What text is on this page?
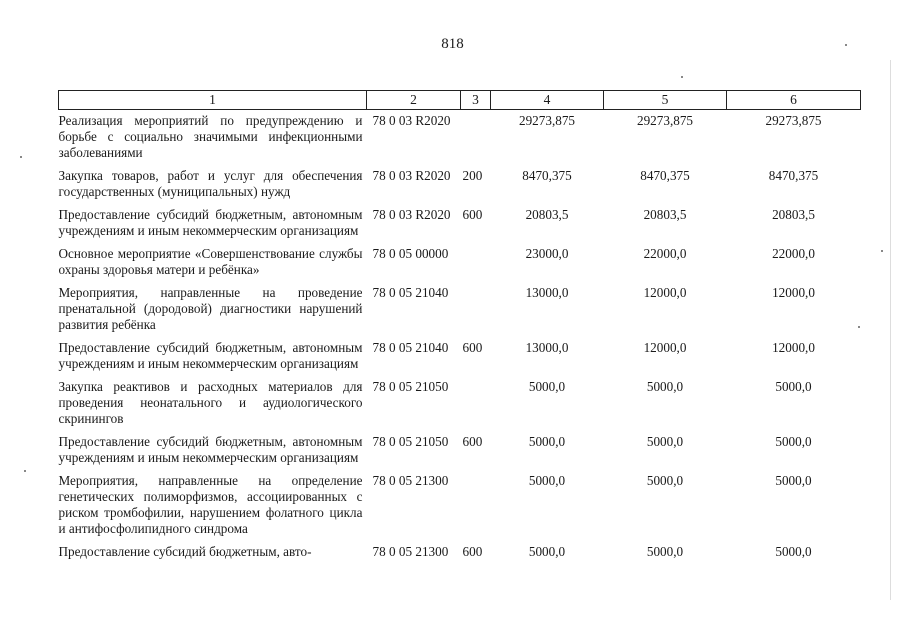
818
1	2	3	4	5	6
Реализация мероприятий по предупреждению и борьбе с социально значимыми инфекционными заболеваниями	78 0 03 R2020		29273,875	29273,875	29273,875
Закупка товаров, работ и услуг для обеспечения государственных (муниципальных) нужд	78 0 03 R2020	200	8470,375	8470,375	8470,375
Предоставление субсидий бюджетным, автономным учреждениям и иным некоммерческим организациям	78 0 03 R2020	600	20803,5	20803,5	20803,5
Основное мероприятие «Совершенствование службы охраны здоровья матери и ребёнка»	78 0 05 00000		23000,0	22000,0	22000,0
Мероприятия, направленные на проведение пренатальной (дородовой) диагностики нарушений развития ребёнка	78 0 05 21040		13000,0	12000,0	12000,0
Предоставление субсидий бюджетным, автономным учреждениям и иным некоммерческим организациям	78 0 05 21040	600	13000,0	12000,0	12000,0
Закупка реактивов и расходных материалов для проведения неонатального и аудиологического скринингов	78 0 05 21050		5000,0	5000,0	5000,0
Предоставление субсидий бюджетным, автономным учреждениям и иным некоммерческим организациям	78 0 05 21050	600	5000,0	5000,0	5000,0
Мероприятия, направленные на определение генетических полиморфизмов, ассоциированных с риском тромбофилии, нарушением фолатного цикла и антифосфолипидного синдрома	78 0 05 21300		5000,0	5000,0	5000,0
Предоставление субсидий бюджетным, авто-	78 0 05 21300	600	5000,0	5000,0	5000,0
